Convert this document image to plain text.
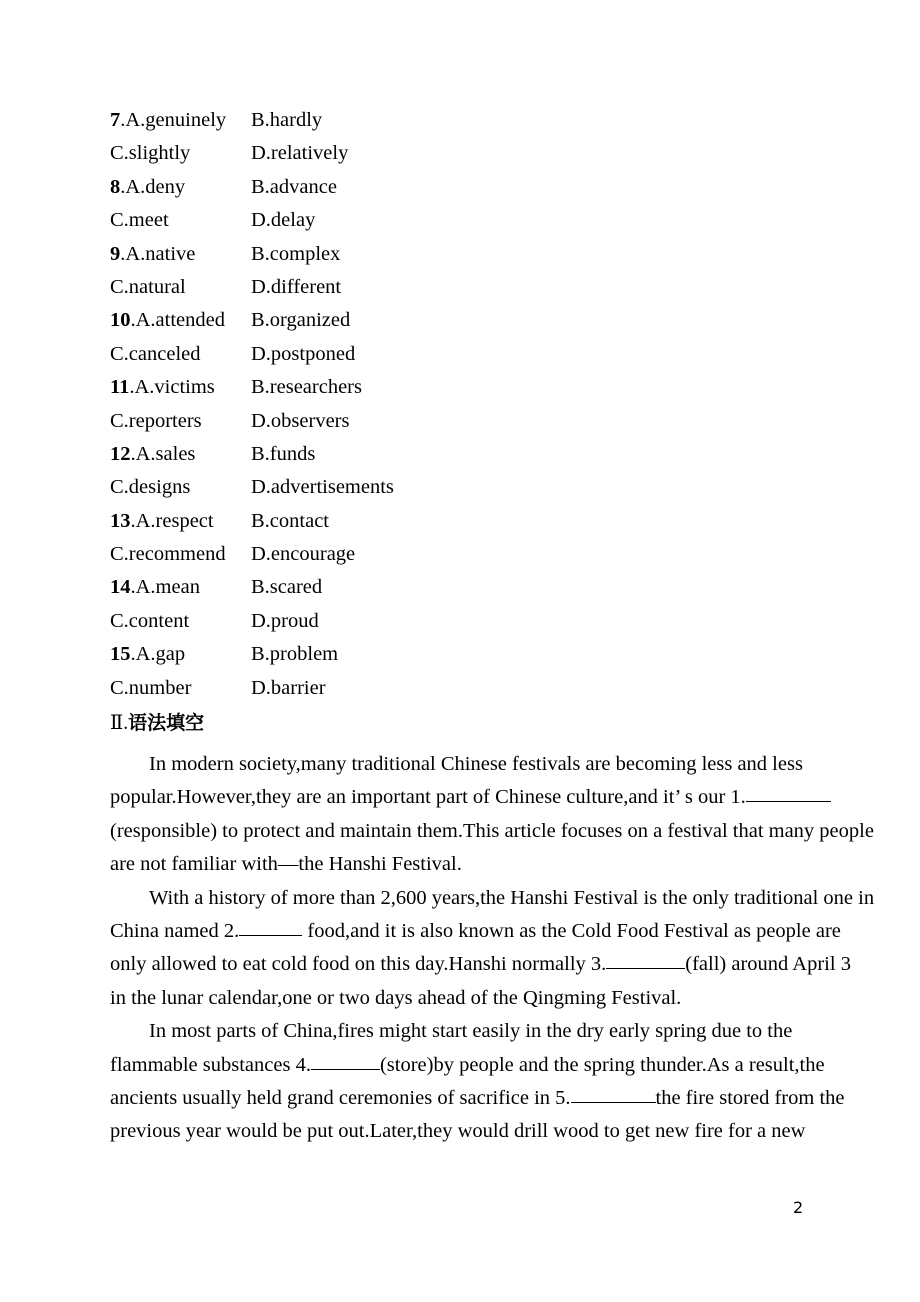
7.A.genuinely B.hardly
C.slightly	D.relatively
8.A.deny	B.advance
C.meet	D.delay
9.A.native	B.complex
C.natural	D.different
10.A.attended B.organized
C.canceled D.postponed
11.A.victims B.researchers
C.reporters D.observers
12.A.sales	B.funds
C.designs	D.advertisements
13.A.respect B.contact
C.recommend D.encourage
14.A.mean B.scared
C.content	D.proud
15.A.gap	B.problem
C.number	D.barrier
Ⅱ.语法填空
In modern society,many traditional Chinese festivals are becoming less and less
popular.However,they are an important part of Chinese culture,and it’ s our 1.
(responsible) to protect and maintain them.This article focuses on a festival that many people
are not familiar with—the Hanshi Festival.
With a history of more than 2,600 years,the Hanshi Festival is the only traditional one in
China named 2.	food,and it is also known as the Cold Food Festival as people are
only allowed to eat cold food on this day.Hanshi normally 3.	(fall) around April 3
in the lunar calendar,one or two days ahead of the Qingming Festival.
In most parts of China,fires might start easily in the dry early spring due to the
flammable substances 4.	(store)by people and the spring thunder.As a result,the
ancients usually held grand ceremonies of sacrifice in 5.	the fire stored from the
previous year would be put out.Later,they would drill wood to get new fire for a new
2
